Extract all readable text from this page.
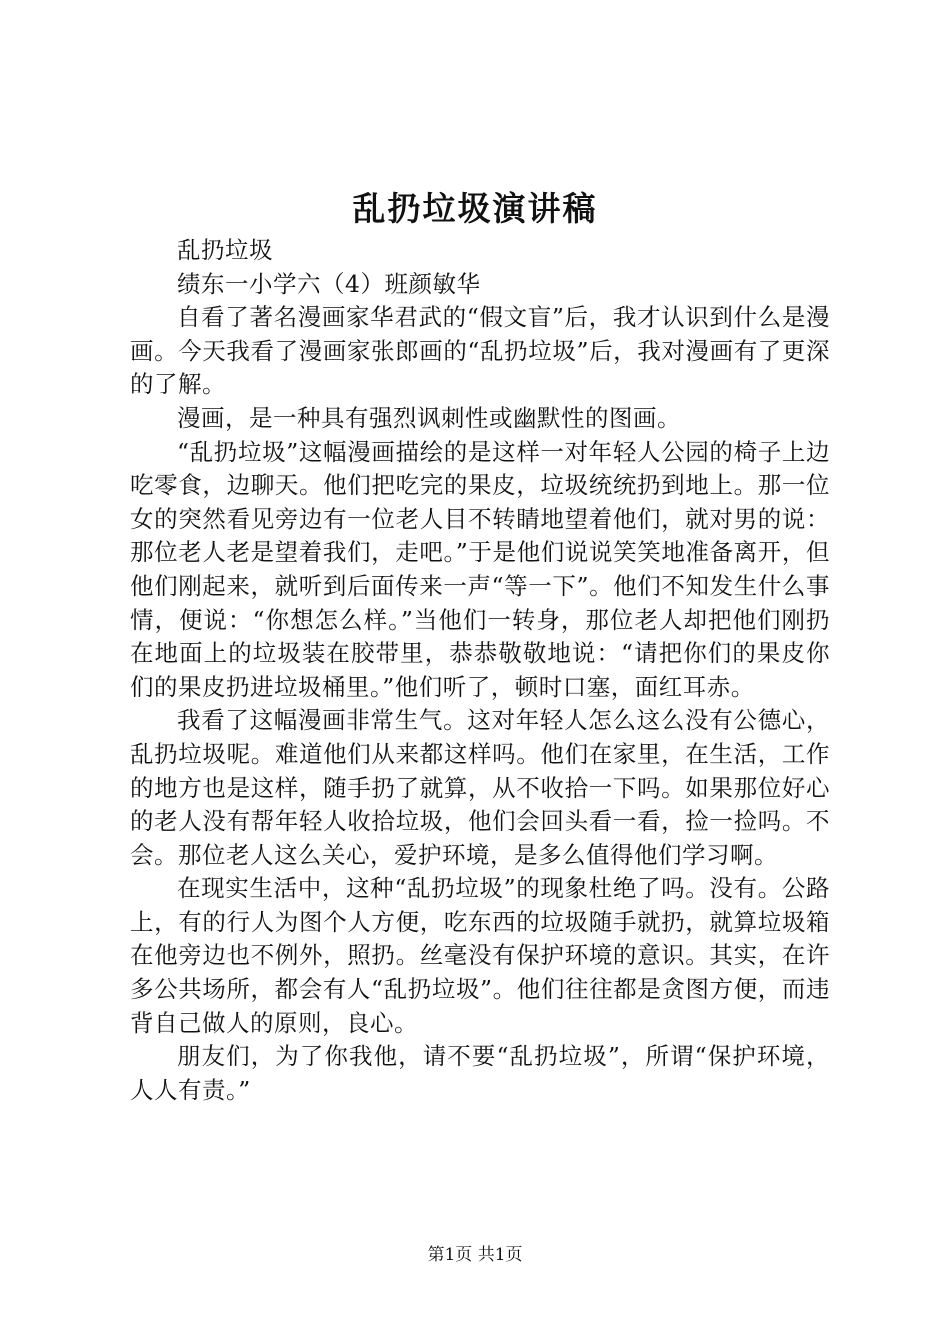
乱扔垃圾演讲稿

乱扔垃圾

绩东一小学六（4）班颜敏华

自看了著名漫画家华君武的“假文盲”后，我才认识到什么是漫画。今天我看了漫画家张郎画的“乱扔垃圾”后，我对漫画有了更深的了解。

漫画，是一种具有强烈讽刺性或幽默性的图画。

“乱扔垃圾”这幅漫画描绘的是这样一对年轻人公园的椅子上边吃零食，边聊天。他们把吃完的果皮，垃圾统统扔到地上。那一位女的突然看见旁边有一位老人目不转睛地望着他们，就对男的说：那位老人老是望着我们，走吧。”于是他们说说笑笑地准备离开，但他们刚起来，就听到后面传来一声“等一下”。他们不知发生什么事情，便说：“你想怎么样。”当他们一转身，那位老人却把他们刚扔在地面上的垃圾装在胶带里，恭恭敬敬地说：“请把你们的果皮你们的果皮扔进垃圾桶里。”他们听了，顿时口塞，面红耳赤。

我看了这幅漫画非常生气。这对年轻人怎么这么没有公德心，乱扔垃圾呢。难道他们从来都这样吗。他们在家里，在生活，工作的地方也是这样，随手扔了就算，从不收拾一下吗。如果那位好心的老人没有帮年轻人收拾垃圾，他们会回头看一看，捡一捡吗。不会。那位老人这么关心，爱护环境，是多么值得他们学习啊。

在现实生活中，这种“乱扔垃圾”的现象杜绝了吗。没有。公路上，有的行人为图个人方便，吃东西的垃圾随手就扔，就算垃圾箱在他旁边也不例外，照扔。丝毫没有保护环境的意识。其实，在许多公共场所，都会有人“乱扔垃圾”。他们往往都是贪图方便，而违背自己做人的原则，良心。

朋友们，为了你我他，请不要“乱扔垃圾”，所谓“保护环境，人人有责。”

第1页 共1页
